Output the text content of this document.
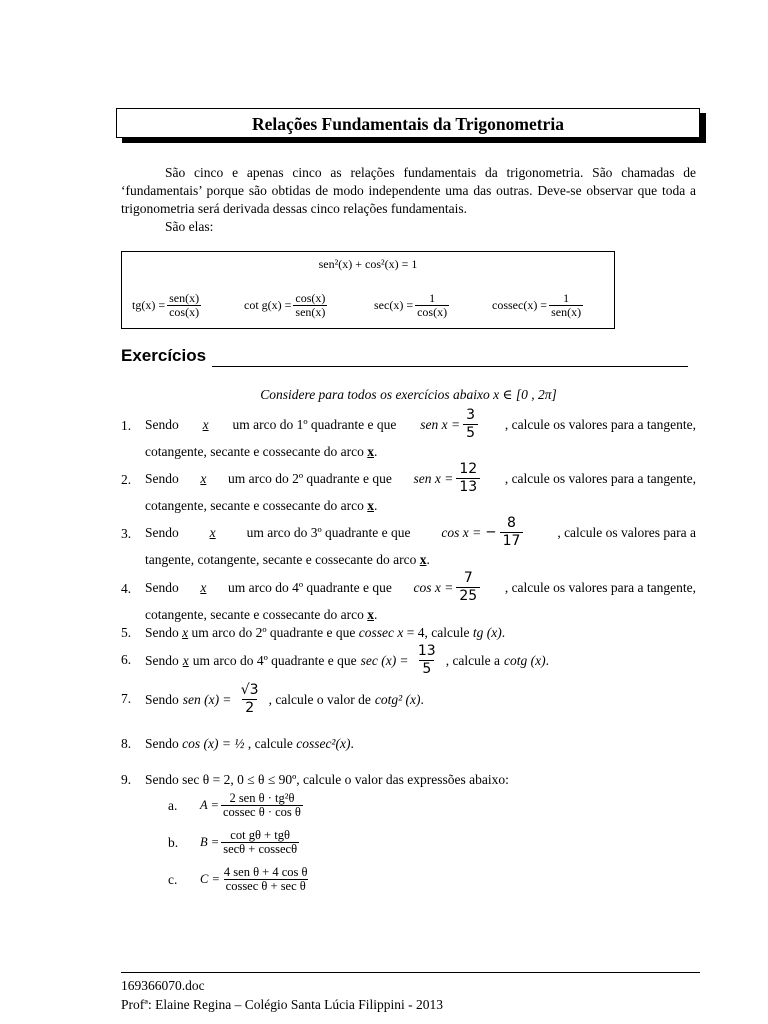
Relações Fundamentais da Trigonometria

São cinco e apenas cinco as relações fundamentais da trigonometria. São chamadas de ‘fundamentais’ porque são obtidas de modo independente uma das outras. Deve-se observar que toda a trigonometria será derivada dessas cinco relações fundamentais.

São elas:

sen²(x) + cos²(x) = 1
$tg(x) = \frac{\text{sen(x)}}{\cos(x)}$	$\cot g(x) = \frac{\cos(x)}{\text{sen(x)}}$	$\sec(x) = \frac{1}{\cos(x)}$	$cossec(x) = \frac{1}{\text{sen(x)}}$
Exercícios
Considere para todos os exercícios abaixo x ∈ [0 , 2π]
1. Sendo x um arco do 1º quadrante e que sen $x = \frac{3}{5}$ , calcule os valores para a tangente,
cotangente, secante e cossecante do arco x.
2. Sendo x um arco do 2º quadrante e que sen $x = \frac{12}{13}$ , calcule os valores para a tangente,
cotangente, secante e cossecante do arco x.
3. Sendo x um arco do 3º quadrante e que cos x = − $\frac{8}{17}$	, calcule os valores para a
tangente, cotangente, secante e cossecante do arco x.
4. Sendo x um arco do 4º quadrante e que $\cos x = \frac{7}{25}$ , calcule os valores para a tangente,
cotangente, secante e cossecante do arco x.
5. Sendo x um arco do 2º quadrante e que cossec x = 4, calcule tg (x).
6. Sendo x um arco do 4º quadrante e que $\sec (x) = \frac{13}{5}$ , calcule a cotg (x).
7. Sendo sen $(x) = \frac{√3}{2}$ , calcule o valor de cotg² (x).
8. Sendo cos (x) = ½ , calcule cossec²(x).
9. Sendo sec θ = 2, 0 ≤ θ ≤ 90º, calcule o valor das expressões abaixo:
a.	$A = \frac{\text{2 sen θ · tg²θ}}{\text{cossec θ · cos θ}}$
b.	$B = \frac{\text{cot gθ + tgθ}}{\text{secθ + cossecθ}}$
c.	$C = \frac{\text{4 sen θ + 4 cos θ}}{\text{cossec θ + sec θ}}$
169366070.doc
Profª: Elaine Regina – Colégio Santa Lúcia Filippini - 2013
